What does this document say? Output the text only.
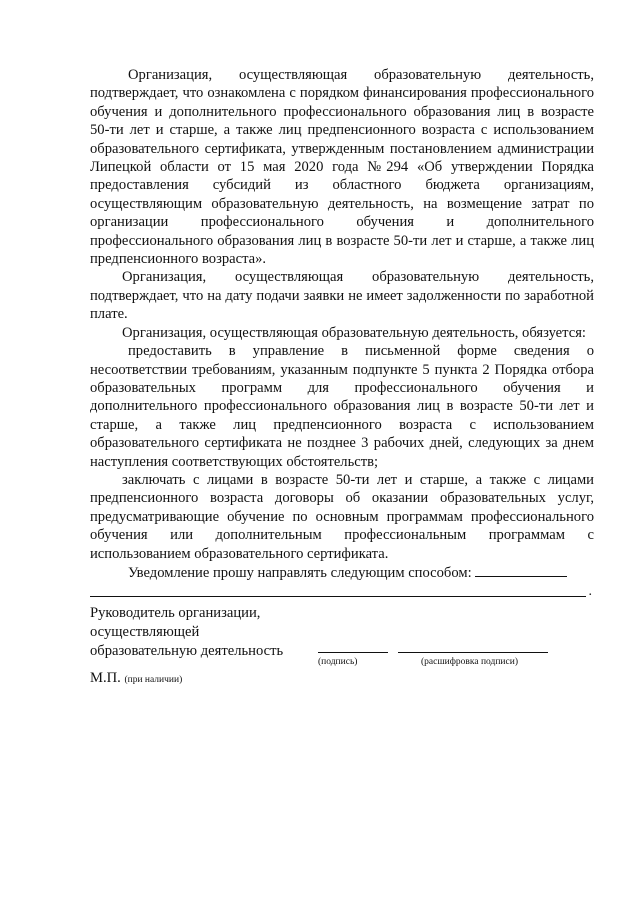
Организация, осуществляющая образовательную деятельность, подтверждает, что ознакомлена с порядком финансирования профессионального обучения и дополнительного профессионального образования лиц в возрасте 50-ти лет и старше, а также лиц предпенсионного возраста с использованием образовательного сертификата, утвержденным постановлением администрации Липецкой области от 15 мая 2020 года №294 «Об утверждении Порядка предоставления субсидий из областного бюджета организациям, осуществляющим образовательную деятельность, на возмещение затрат по организации профессионального обучения и дополнительного профессионального образования лиц в возрасте 50-ти лет и старше, а также лиц предпенсионного возраста».

Организация, осуществляющая образовательную деятельность, подтверждает, что на дату подачи заявки не имеет задолженности по заработной плате.

Организация, осуществляющая образовательную деятельность, обязуется:

предоставить в управление в письменной форме сведения о несоответствии требованиям, указанным подпункте 5 пункта 2 Порядка отбора образовательных программ для профессионального обучения и дополнительного профессионального образования лиц в возрасте 50-ти лет и старше, а также лиц предпенсионного возраста с использованием образовательного сертификата не позднее 3 рабочих дней, следующих за днем наступления соответствующих обстоятельств;

заключать с лицами в возрасте 50-ти лет и старше, а также с лицами предпенсионного возраста договоры об оказании образовательных услуг, предусматривающие обучение по основным программам профессионального обучения или дополнительным профессиональным программам с использованием образовательного сертификата.

Уведомление прошу направлять следующим способом:

.
Руководитель организации,
осуществляющей
образовательную деятельность
(подпись)	(расшифровка подписи)
М.П. (при наличии)
